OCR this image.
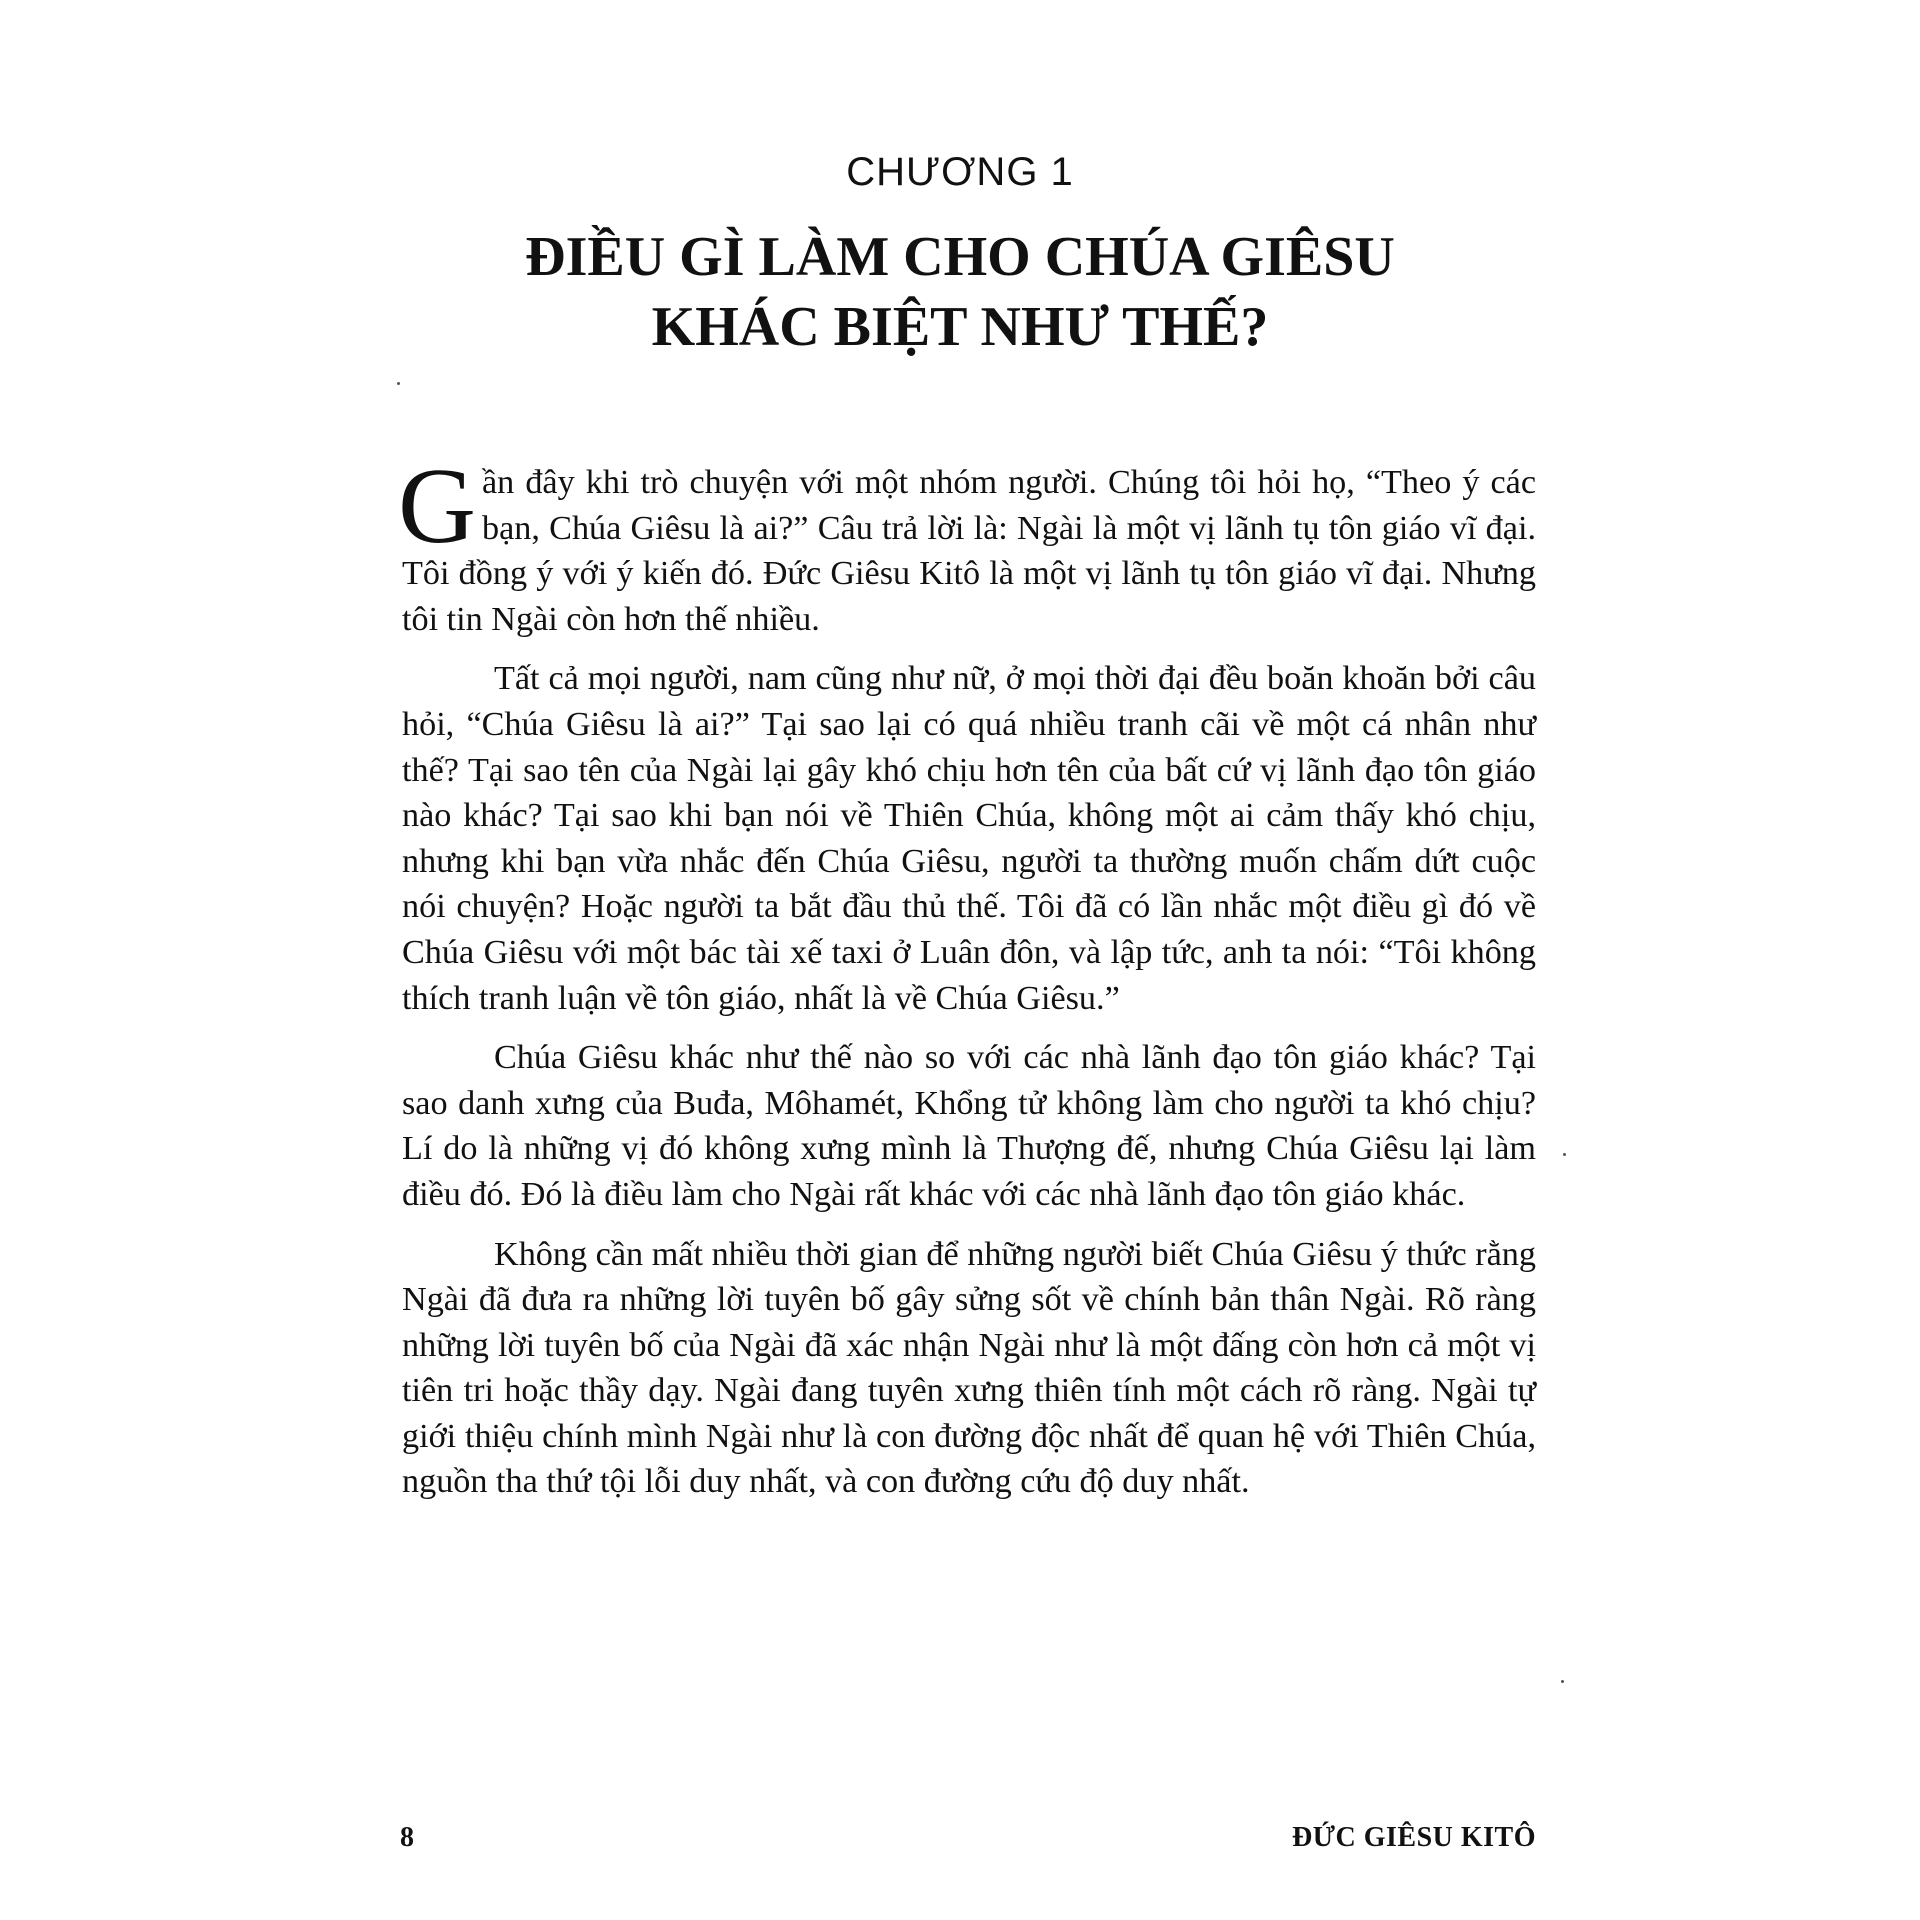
CHƯƠNG 1
ĐIỀU GÌ LÀM CHO CHÚA GIÊSU
KHÁC BIỆT NHƯ THẾ?

Gần đây khi trò chuyện với một nhóm người. Chúng tôi hỏi họ, “Theo ý các bạn, Chúa Giêsu là ai?” Câu trả lời là: Ngài là một vị lãnh tụ tôn giáo vĩ đại. Tôi đồng ý với ý kiến đó. Đức Giêsu Kitô là một vị lãnh tụ tôn giáo vĩ đại. Nhưng tôi tin Ngài còn hơn thế nhiều.

Tất cả mọi người, nam cũng như nữ, ở mọi thời đại đều boăn khoăn bởi câu hỏi, “Chúa Giêsu là ai?” Tại sao lại có quá nhiều tranh cãi về một cá nhân như thế? Tại sao tên của Ngài lại gây khó chịu hơn tên của bất cứ vị lãnh đạo tôn giáo nào khác? Tại sao khi bạn nói về Thiên Chúa, không một ai cảm thấy khó chịu, nhưng khi bạn vừa nhắc đến Chúa Giêsu, người ta thường muốn chấm dứt cuộc nói chuyện? Hoặc người ta bắt đầu thủ thế. Tôi đã có lần nhắc một điều gì đó về Chúa Giêsu với một bác tài xế taxi ở Luân đôn, và lập tức, anh ta nói: “Tôi không thích tranh luận về tôn giáo, nhất là về Chúa Giêsu.”

Chúa Giêsu khác như thế nào so với các nhà lãnh đạo tôn giáo khác? Tại sao danh xưng của Buđa, Môhamét, Khổng tử không làm cho người ta khó chịu? Lí do là những vị đó không xưng mình là Thượng đế, nhưng Chúa Giêsu lại làm điều đó. Đó là điều làm cho Ngài rất khác với các nhà lãnh đạo tôn giáo khác.

Không cần mất nhiều thời gian để những người biết Chúa Giêsu ý thức rằng Ngài đã đưa ra những lời tuyên bố gây sửng sốt về chính bản thân Ngài. Rõ ràng những lời tuyên bố của Ngài đã xác nhận Ngài như là một đấng còn hơn cả một vị tiên tri hoặc thầy dạy. Ngài đang tuyên xưng thiên tính một cách rõ ràng. Ngài tự giới thiệu chính mình Ngài như là con đường độc nhất để quan hệ với Thiên Chúa, nguồn tha thứ tội lỗi duy nhất, và con đường cứu độ duy nhất.

8	ĐỨC GIÊSU KITÔ
